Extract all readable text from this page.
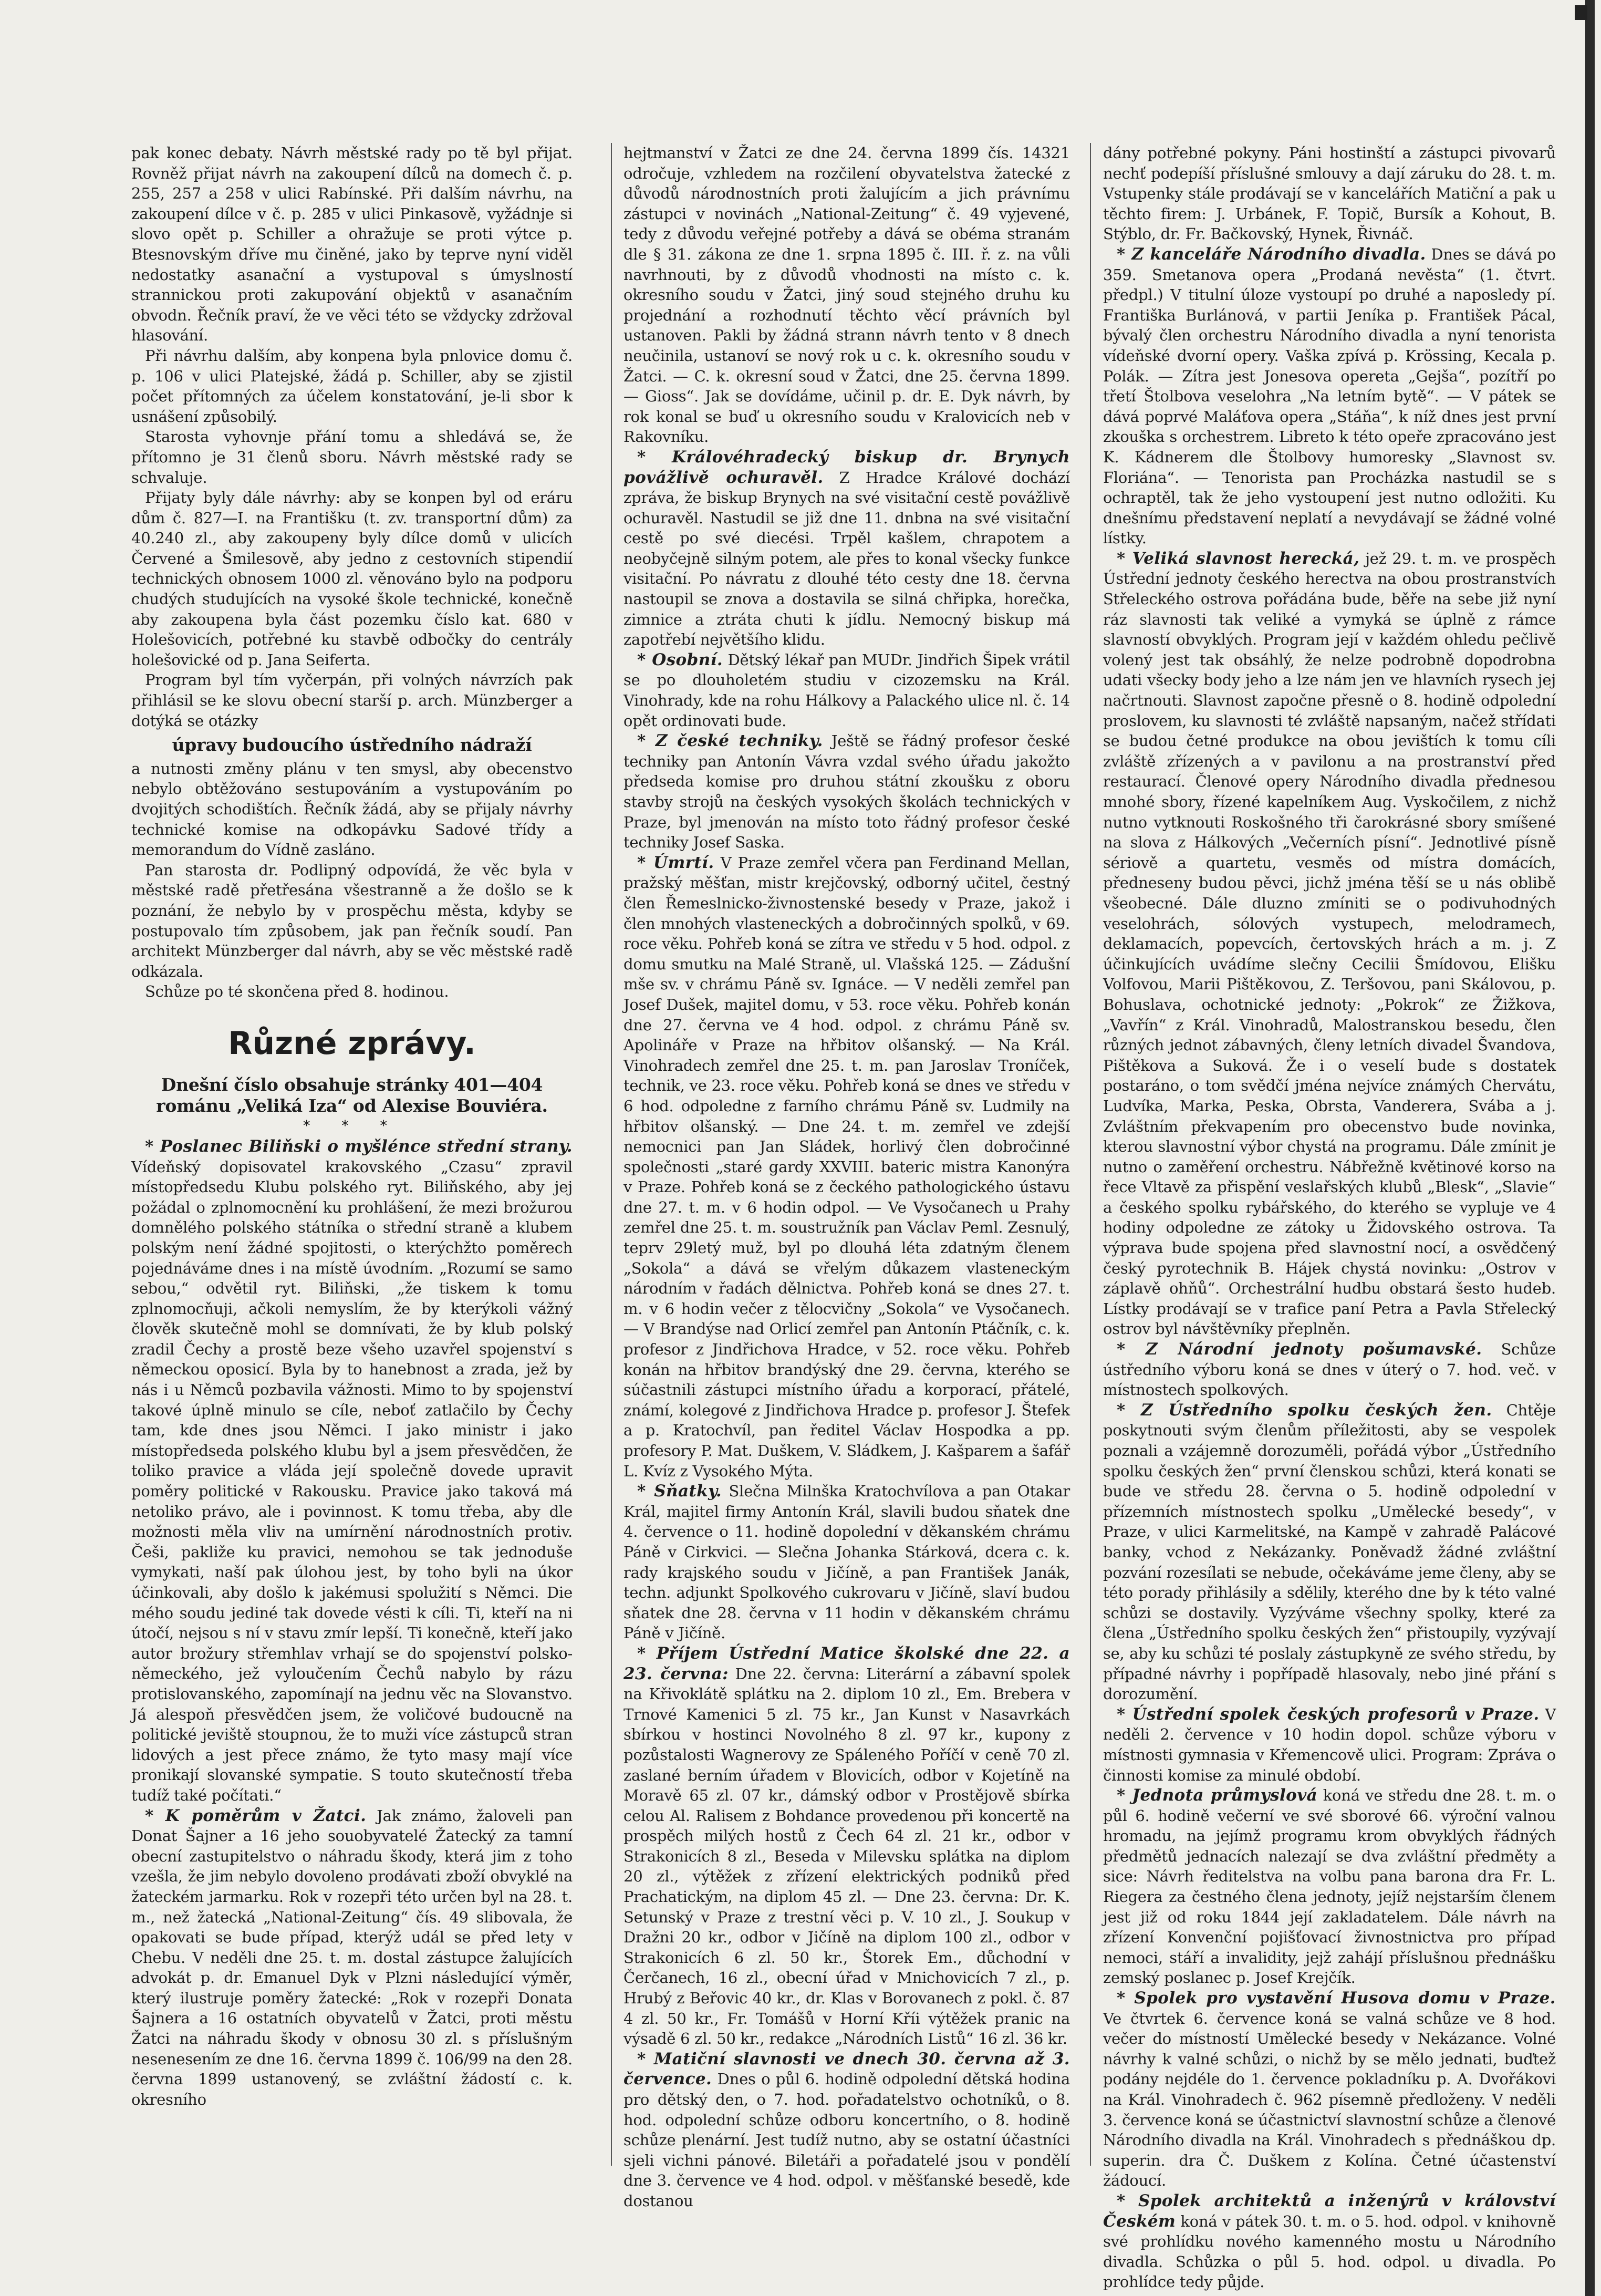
pak konec debaty. Návrh městské rady po tě byl přijat. Rovněž přijat návrh na zakoupení dílců na domech č. p. 255, 257 a 258 v ulici Rabínské. Při dalším návrhu, na zakoupení dílce v č. p. 285 v ulici Pinkasově, vyžádnje si slovo opět p. Schiller a ohražuje se proti výtce p. Btesnovským dříve mu činěné, jako by teprve nyní viděl nedostatky asanační a vystupoval s úmyslností strannickou proti zakupování objektů v asanačním obvodn. Řečník praví, že ve věci této se vždycky zdržoval hlasování.

Při návrhu dalším, aby konpena byla pnlovice domu č. p. 106 v ulici Platejské, žádá p. Schiller, aby se zjistil počet přítomných za účelem konstatování, je-li sbor k usnášení způsobilý.

Starosta vyhovnje přání tomu a shledává se, že přítomno je 31 členů sboru. Návrh městské rady se schvaluje.

Přijaty byly dále návrhy: aby se konpen byl od eráru dům č. 827—I. na Františku (t. zv. transportní dům) za 40.240 zl., aby zakoupeny byly dílce domů v ulicích Červené a Šmilesově, aby jedno z cestovních stipendií technických obnosem 1000 zl. věnováno bylo na podporu chudých studujících na vysoké škole technické, konečně aby zakoupena byla část pozemku číslo kat. 680 v Holešovicích, potřebné ku stavbě odbočky do centrály holešovické od p. Jana Seiferta.

Program byl tím vyčerpán, při volných návrzích pak přihlásil se ke slovu obecní starší p. arch. Münzberger a dotýká se otázky

úpravy budoucího ústředního nádraží

a nutnosti změny plánu v ten smysl, aby obecenstvo nebylo obtěžováno sestupováním a vystupováním po dvojitých schodištích. Řečník žádá, aby se přijaly návrhy technické komise na odkopávku Sadové třídy a memorandum do Vídně zasláno.

Pan starosta dr. Podlipný odpovídá, že věc byla v městské radě přetřesána všestranně a že došlo se k poznání, že nebylo by v prospěchu města, kdyby se postupovalo tím způsobem, jak pan řečník soudí. Pan architekt Münzberger dal návrh, aby se věc městské radě odkázala.

Schůze po té skončena před 8. hodinou.

Různé zprávy.
Dnešní číslo obsahuje stránky 401—404 románu „Veliká Iza“ od Alexise Bouviéra.
* * *

* Poslanec Biliňski o myšlénce střední strany. Vídeňský dopisovatel krakovského „Czasu“ zpravil místopředsedu Klubu polského ryt. Biliňského, aby jej požádal o zplnomocnění ku prohlášení, že mezi brožurou domnělého polského státníka o střední straně a klubem polským není žádné spojitosti, o kterýchžto poměrech pojednáváme dnes i na místě úvodním. „Rozumí se samo sebou,“ odvětil ryt. Biliňski, „že tiskem k tomu zplnomocňuji, ačkoli nemyslím, že by kterýkoli vážný člověk skutečně mohl se domnívati, že by klub polský zradil Čechy a prostě beze všeho uzavřel spojenství s německou oposicí. Byla by to hanebnost a zrada, jež by nás i u Němců pozbavila vážnosti. Mimo to by spojenství takové úplně minulo se cíle, neboť zatlačilo by Čechy tam, kde dnes jsou Němci. I jako ministr i jako místopředseda polského klubu byl a jsem přesvědčen, že toliko pravice a vláda její společně dovede upravit poměry politické v Rakousku. Pravice jako taková má netoliko právo, ale i povinnost. K tomu třeba, aby dle možnosti měla vliv na umírnění národnostních protiv. Češi, pakliže ku pravici, nemohou se tak jednoduše vymykati, naší pak úlohou jest, by toho byli na úkor účinkovali, aby došlo k jakémusi spolužití s Němci. Die mého soudu jediné tak dovede vésti k cíli. Ti, kteří na ni útočí, nejsou s ní v stavu zmír lepší. Ti konečně, kteří jako autor brožury střemhlav vrhají se do spojenství polsko-německého, jež vyloučením Čechů nabylo by rázu protislovanského, zapomínají na jednu věc na Slovanstvo. Já alespoň přesvědčen jsem, že voličové budoucně na politické jeviště stoupnou, že to muži více zástupců stran lidových a jest přece známo, že tyto masy mají více pronikají slovanské sympatie. S touto skutečností třeba tudíž také počítati.“

* K poměrům v Žatci. Jak známo, žaloveli pan Donat Šajner a 16 jeho souobyvatelé Žatecký za tamní obecní zastupitelstvo o náhradu škody, která jim z toho vzešla, že jim nebylo dovoleno prodávati zboží obvyklé na žateckém jarmarku. Rok v rozepři této určen byl na 28. t. m., než žatecká „National-Zeitung“ čís. 49 slibovala, že opakovati se bude případ, kterýž udál se před lety v Chebu. V neděli dne 25. t. m. dostal zástupce žalujících advokát p. dr. Emanuel Dyk v Plzni následující výměr, který ilustruje poměry žatecké: „Rok v rozepři Donata Šajnera a 16 ostatních obyvatelů v Žatci, proti městu Žatci na náhradu škody v obnosu 30 zl. s příslušným nesenesením ze dne 16. června 1899 č. 106/99 na den 28. června 1899 ustanovený, se zvláštní žádostí c. k. okresního

hejtmanství v Žatci ze dne 24. června 1899 čís. 14321 odročuje, vzhledem na rozčilení obyvatelstva žatecké z důvodů národnostních proti žalujícím a jich právnímu zástupci v novinách „National-Zeitung“ č. 49 vyjevené, tedy z důvodu veřejné potřeby a dává se obéma stranám dle § 31. zákona ze dne 1. srpna 1895 č. III. ř. z. na vůli navrhnouti, by z důvodů vhodnosti na místo c. k. okresního soudu v Žatci, jiný soud stejného druhu ku projednání a rozhodnutí těchto věcí právních byl ustanoven. Pakli by žádná strann návrh tento v 8 dnech neučinila, ustanoví se nový rok u c. k. okresního soudu v Žatci. — C. k. okresní soud v Žatci, dne 25. června 1899. — Gioss“. Jak se dovídáme, učinil p. dr. E. Dyk návrh, by rok konal se buď u okresního soudu v Kralovicích neb v Rakovníku.

* Královéhradecký biskup dr. Brynych povážlivě ochuravěl. Z Hradce Králové dochází zpráva, že biskup Brynych na své visitační cestě povážlivě ochuravěl. Nastudil se již dne 11. dnbna na své visitační cestě po své diecési. Trpěl kašlem, chrapotem a neobyčejně silným potem, ale přes to konal všecky funkce visitační. Po návratu z dlouhé této cesty dne 18. června nastoupil se znova a dostavila se silná chřipka, horečka, zimnice a ztráta chuti k jídlu. Nemocný biskup má zapotřebí největšího klidu.

* Osobní. Dětský lékař pan MUDr. Jindřich Šipek vrátil se po dlouholetém studiu v cizozemsku na Král. Vinohrady, kde na rohu Hálkovy a Palackého ulice nl. č. 14 opět ordinovati bude.

* Z české techniky. Ještě se řádný profesor české techniky pan Antonín Vávra vzdal svého úřadu jakožto předseda komise pro druhou státní zkoušku z oboru stavby strojů na českých vysokých školách technických v Praze, byl jmenován na místo toto řádný profesor české techniky Josef Saska.

* Úmrtí. V Praze zemřel včera pan Ferdinand Mellan, pražský měšťan, mistr krejčovský, odborný učitel, čestný člen Řemeslnicko-živnostenské besedy v Praze, jakož i člen mnohých vlasteneckých a dobročinných spolků, v 69. roce věku. Pohřeb koná se zítra ve středu v 5 hod. odpol. z domu smutku na Malé Straně, ul. Vlašská 125. — Zádušní mše sv. v chrámu Páně sv. Ignáce. — V neděli zemřel pan Josef Dušek, majitel domu, v 53. roce věku. Pohřeb konán dne 27. června ve 4 hod. odpol. z chrámu Páně sv. Apolináře v Praze na hřbitov olšanský. — Na Král. Vinohradech zemřel dne 25. t. m. pan Jaroslav Troníček, technik, ve 23. roce věku. Pohřeb koná se dnes ve středu v 6 hod. odpoledne z farního chrámu Páně sv. Ludmily na hřbitov olšanský. — Dne 24. t. m. zemřel ve zdejší nemocnici pan Jan Sládek, horlivý člen dobročinné společnosti „staré gardy XXVIII. bateric mistra Kanonýra v Praze. Pohřeb koná se z čeckého pathologického ústavu dne 27. t. m. v 6 hodin odpol. — Ve Vysočanech u Prahy zemřel dne 25. t. m. soustružník pan Václav Peml. Zesnulý, teprv 29letý muž, byl po dlouhá léta zdatným členem „Sokola“ a dává se vřelým důkazem vlasteneckým národním v řadách dělnictva. Pohřeb koná se dnes 27. t. m. v 6 hodin večer z tělocvičny „Sokola“ ve Vysočanech. — V Brandýse nad Orlicí zemřel pan Antonín Ptáčník, c. k. profesor z Jindřichova Hradce, v 52. roce věku. Pohřeb konán na hřbitov brandýský dne 29. června, kterého se súčastnili zástupci místního úřadu a korporací, přátelé, známí, kolegové z Jindřichova Hradce p. profesor J. Štefek a p. Kratochvíl, pan ředitel Václav Hospodka a pp. profesory P. Mat. Duškem, V. Sládkem, J. Kašparem a šafář L. Kvíz z Vysokého Mýta.

* Sňatky. Slečna Milnška Kratochvílova a pan Otakar Král, majitel firmy Antonín Král, slavili budou sňatek dne 4. července o 11. hodině dopolední v děkanském chrámu Páně v Cirkvici. — Slečna Johanka Stárková, dcera c. k. rady krajského soudu v Jičíně, a pan František Janák, techn. adjunkt Spolkového cukrovaru v Jičíně, slaví budou sňatek dne 28. června v 11 hodin v děkanském chrámu Páně v Jičíně.

* Příjem Ústřední Matice školské dne 22. a 23. června: Dne 22. června: Literární a zábavní spolek na Křivoklátě splátku na 2. diplom 10 zl., Em. Brebera v Trnové Kamenici 5 zl. 75 kr., Jan Kunst v Nasavrkách sbírkou v hostinci Novolného 8 zl. 97 kr., kupony z pozůstalosti Wagnerovy ze Spáleného Poříčí v ceně 70 zl. zaslané berním úřadem v Blovicích, odbor v Kojetíně na Moravě 65 zl. 07 kr., dámský odbor v Prostějově sbírka celou Al. Ralisem z Bohdance provedenou při koncertě na prospěch milých hostů z Čech 64 zl. 21 kr., odbor v Strakonicích 8 zl., Beseda v Milevsku splátka na diplom 20 zl., výtěžek z zřízení elektrických podniků před Prachatickým, na diplom 45 zl. — Dne 23. června: Dr. K. Setunský v Praze z trestní věci p. V. 10 zl., J. Soukup v Dražni 20 kr., odbor v Jičíně na diplom 100 zl., odbor v Strakonicích 6 zl. 50 kr., Štorek Em., důchodní v Čerčanech, 16 zl., obecní úřad v Mnichovicích 7 zl., p. Hrubý z Beřovic 40 kr., dr. Klas v Borovanech z pokl. č. 87 4 zl. 50 kr., Fr. Tomášů v Horní Kříi výtěžek pranic na výsadě 6 zl. 50 kr., redakce „Národních Listů“ 16 zl. 36 kr.

* Matiční slavnosti ve dnech 30. června až 3. července. Dnes o půl 6. hodině odpolední dětská hodina pro dětský den, o 7. hod. pořadatelstvo ochotníků, o 8. hod. odpolední schůze odboru koncertního, o 8. hodině schůze plenární. Jest tudíž nutno, aby se ostatní účastníci sjeli vichni pánové. Biletáři a pořadatelé jsou v pondělí dne 3. července ve 4 hod. odpol. v měšťanské besedě, kde dostanou

dány potřebné pokyny. Páni hostinští a zástupci pivovarů nechť podepíší příslušné smlouvy a dají záruku do 28. t. m. Vstupenky stále prodávají se v kancelářích Matiční a pak u těchto firem: J. Urbánek, F. Topič, Bursík a Kohout, B. Stýblo, dr. Fr. Bačkovský, Hynek, Řivnáč.

* Z kanceláře Národního divadla. Dnes se dává po 359. Smetanova opera „Prodaná nevěsta“ (1. čtvrt. předpl.) V titulní úloze vystoupí po druhé a naposledy pí. Františka Burlánová, v partii Jeníka p. František Pácal, bývalý člen orchestru Národního divadla a nyní tenorista vídeňské dvorní opery. Vaška zpívá p. Krössing, Kecala p. Polák. — Zítra jest Jonesova opereta „Gejša“, pozítří po třetí Štolbova veselohra „Na letním bytě“. — V pátek se dává poprvé Maláťova opera „Stáňa“, k níž dnes jest první zkouška s orchestrem. Libreto k této opeře zpracováno jest K. Kádnerem dle Štolbovy humoresky „Slavnost sv. Floriána“. — Tenorista pan Procházka nastudil se s ochraptěl, tak že jeho vystoupení jest nutno odložiti. Ku dnešnímu představení neplatí a nevydávají se žádné volné lístky.

* Veliká slavnost herecká, jež 29. t. m. ve prospěch Ústřední jednoty českého herectva na obou prostranstvích Střeleckého ostrova pořádána bude, běře na sebe již nyní ráz slavnosti tak veliké a vymyká se úplně z rámce slavností obvyklých. Program její v každém ohledu pečlivě volený jest tak obsáhlý, že nelze podrobně dopodrobna udati všecky body jeho a lze nám jen ve hlavních rysech jej načrtnouti. Slavnost započne přesně o 8. hodině odpolední proslovem, ku slavnosti té zvláště napsaným, načež střídati se budou četné produkce na obou jevištích k tomu cíli zvláště zřízených a v pavilonu a na prostranství před restaurací. Členové opery Národního divadla přednesou mnohé sbory, řízené kapelníkem Aug. Vyskočilem, z nichž nutno vytknouti Roskošného tři čarokrásné sbory smíšené na slova z Hálkových „Večerních písní“. Jednotlivé písně sériově a quartetu, vesměs od místra domácích, předneseny budou pěvci, jichž jména těší se u nás oblibě všeobecné. Dále dluzno zmíniti se o podivuhodných veselohrách, sólových vystupech, melodramech, deklamacích, popevcích, čertovských hrách a m. j. Z účinkujících uvádíme slečny Cecilii Šmídovou, Elišku Volfovou, Marii Pištěkovou, Z. Teršovou, pani Skálovou, p. Bohuslava, ochotnické jednoty: „Pokrok“ ze Žižkova, „Vavřín“ z Král. Vinohradů, Malostranskou besedu, člen různých jednot zábavných, členy letních divadel Švandova, Pištěkova a Suková. Že i o veselí bude s dostatek postaráno, o tom svědčí jména nejvíce známých Chervátu, Ludvíka, Marka, Peska, Obrsta, Vanderera, Svába a j. Zvláštním překvapením pro obecenstvo bude novinka, kterou slavnostní výbor chystá na programu. Dále zmínit je nutno o zaměření orchestru. Nábřežně květinové korso na řece Vltavě za přispění veslařských klubů „Blesk“, „Slavie“ a českého spolku rybářského, do kterého se vypluje ve 4 hodiny odpoledne ze zátoky u Židovského ostrova. Ta výprava bude spojena před slavnostní nocí, a osvědčený český pyrotechnik B. Hájek chystá novinku: „Ostrov v záplavě ohňů“. Orchestrální hudbu obstará šesto hudeb. Lístky prodávají se v trafice paní Petra a Pavla Střelecký ostrov byl návštěvníky přeplněn.

* Z Národní jednoty pošumavské. Schůze ústředního výboru koná se dnes v úterý o 7. hod. več. v místnostech spolkových.

* Z Ústředního spolku českých žen. Chtěje poskytnouti svým členům příležitosti, aby se vespolek poznali a vzájemně dorozuměli, pořádá výbor „Ústředního spolku českých žen“ první členskou schůzi, která konati se bude ve středu 28. června o 5. hodině odpolední v přízemních místnostech spolku „Umělecké besedy“, v Praze, v ulici Karmelitské, na Kampě v zahradě Palácové banky, vchod z Nekázanky. Poněvadž žádné zvláštní pozvání rozesílati se nebude, očekáváme jeme členy, aby se této porady přihlásily a sdělily, kterého dne by k této valné schůzi se dostavily. Vyzýváme všechny spolky, které za člena „Ústředního spolku českých žen“ přistoupily, vyzývají se, aby ku schůzi té poslaly zástupkyně ze svého středu, by případné návrhy i popřípadě hlasovaly, nebo jiné přání s dorozumění.

* Ústřední spolek českých profesorů v Praze. V neděli 2. července v 10 hodin dopol. schůze výboru v místnosti gymnasia v Křemencově ulici. Program: Zpráva o činnosti komise za minulé období.

* Jednota průmyslová koná ve středu dne 28. t. m. o půl 6. hodině večerní ve své sborové 66. výroční valnou hromadu, na jejímž programu krom obvyklých řádných předmětů jednacích nalezají se dva zvláštní předměty a sice: Návrh ředitelstva na volbu pana barona dra Fr. L. Riegera za čestného člena jednoty, jejíž nejstarším členem jest již od roku 1844 její zakladatelem. Dále návrh na zřízení Konvenční pojišťovací živnostnictva pro případ nemoci, stáří a invalidity, jejž zahájí příslušnou přednášku zemský poslanec p. Josef Krejčík.

* Spolek pro vystavění Husova domu v Praze. Ve čtvrtek 6. července koná se valná schůze ve 8 hod. večer do místností Umělecké besedy v Nekázance. Volné návrhy k valné schůzi, o nichž by se mělo jednati, buďtež podány nejdéle do 1. července pokladníku p. A. Dvořákovi na Král. Vinohradech č. 962 písemně předloženy. V neděli 3. července koná se účastnictví slavnostní schůze a členové Národního divadla na Král. Vinohradech s přednáškou dp. superin. dra Č. Duškem z Kolína. Četné účastenství žádoucí.

* Spolek architektů a inženýrů v království Českém koná v pátek 30. t. m. o 5. hod. odpol. v knihovně své prohlídku nového kamenného mostu u Národního divadla. Schůzka o půl 5. hod. odpol. u divadla. Po prohlídce tedy půjde.
